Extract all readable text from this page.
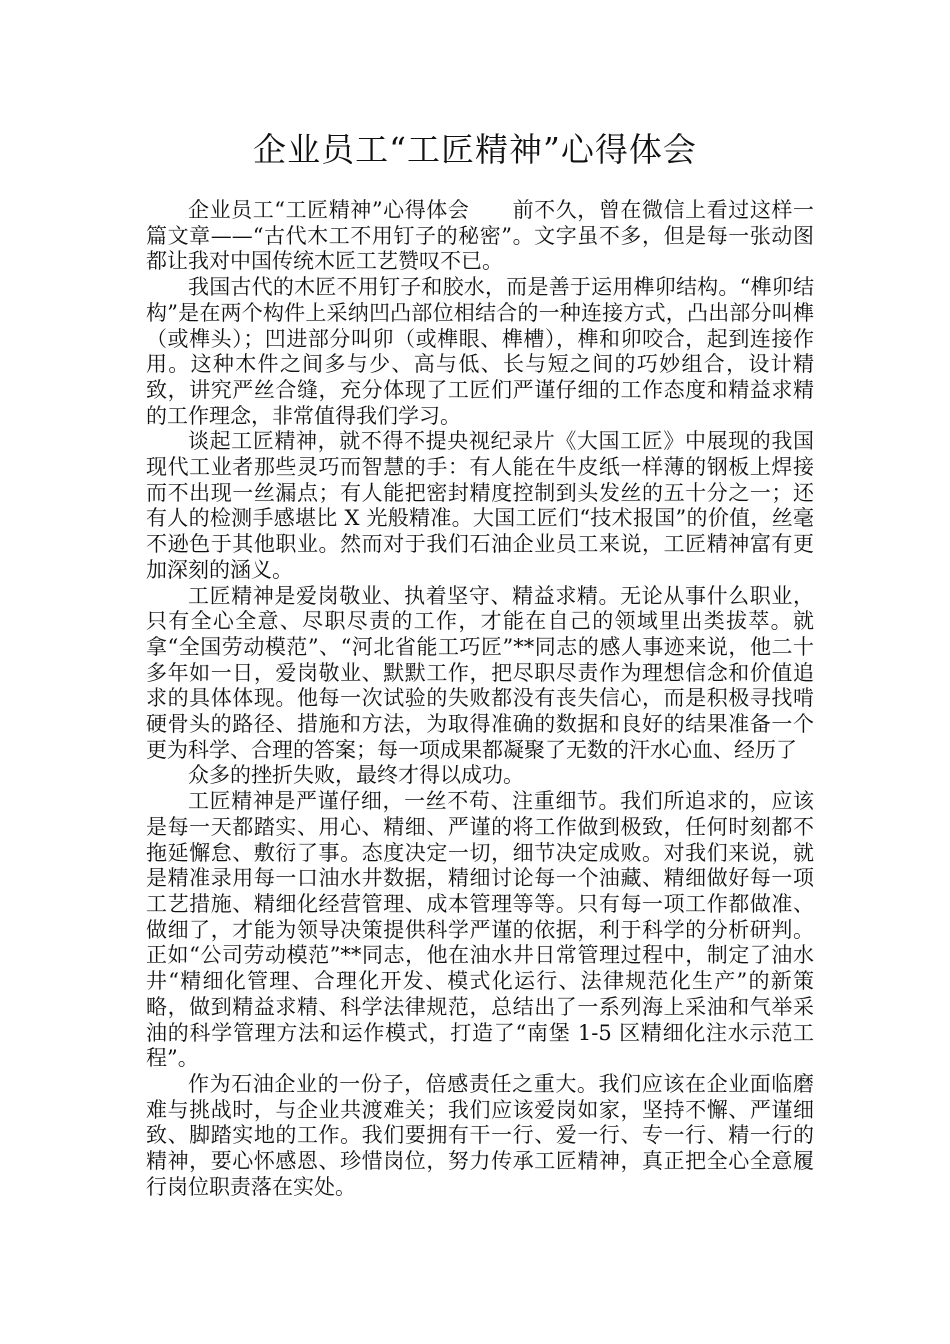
企业员工“工匠精神”心得体会

企业员工“工匠精神”心得体会　　前不久，曾在微信上看过这样一篇文章——“古代木工不用钉子的秘密”。文字虽不多，但是每一张动图都让我对中国传统木匠工艺赞叹不已。

我国古代的木匠不用钉子和胶水，而是善于运用榫卯结构。“榫卯结构”是在两个构件上采纳凹凸部位相结合的一种连接方式，凸出部分叫榫（或榫头）；凹进部分叫卯（或榫眼、榫槽），榫和卯咬合，起到连接作用。这种木件之间多与少、高与低、长与短之间的巧妙组合，设计精致，讲究严丝合缝，充分体现了工匠们严谨仔细的工作态度和精益求精的工作理念，非常值得我们学习。

谈起工匠精神，就不得不提央视纪录片《大国工匠》中展现的我国现代工业者那些灵巧而智慧的手：有人能在牛皮纸一样薄的钢板上焊接而不出现一丝漏点；有人能把密封精度控制到头发丝的五十分之一；还有人的检测手感堪比 X 光般精准。大国工匠们“技术报国”的价值，丝毫不逊色于其他职业。然而对于我们石油企业员工来说，工匠精神富有更加深刻的涵义。

工匠精神是爱岗敬业、执着坚守、精益求精。无论从事什么职业，只有全心全意、尽职尽责的工作，才能在自己的领域里出类拔萃。就拿“全国劳动模范”、“河北省能工巧匠”**同志的感人事迹来说，他二十多年如一日，爱岗敬业、默默工作，把尽职尽责作为理想信念和价值追求的具体体现。他每一次试验的失败都没有丧失信心，而是积极寻找啃硬骨头的路径、措施和方法，为取得准确的数据和良好的结果准备一个更为科学、合理的答案；每一项成果都凝聚了无数的汗水心血、经历了

众多的挫折失败，最终才得以成功。

工匠精神是严谨仔细，一丝不苟、注重细节。我们所追求的，应该是每一天都踏实、用心、精细、严谨的将工作做到极致，任何时刻都不拖延懈怠、敷衍了事。态度决定一切，细节决定成败。对我们来说，就是精准录用每一口油水井数据，精细讨论每一个油藏、精细做好每一项工艺措施、精细化经营管理、成本管理等等。只有每一项工作都做准、做细了，才能为领导决策提供科学严谨的依据，利于科学的分析研判。正如“公司劳动模范”**同志，他在油水井日常管理过程中，制定了油水井“精细化管理、合理化开发、模式化运行、法律规范化生产”的新策略，做到精益求精、科学法律规范，总结出了一系列海上采油和气举采油的科学管理方法和运作模式，打造了“南堡 1-5 区精细化注水示范工程”。

作为石油企业的一份子，倍感责任之重大。我们应该在企业面临磨难与挑战时，与企业共渡难关；我们应该爱岗如家，坚持不懈、严谨细致、脚踏实地的工作。我们要拥有干一行、爱一行、专一行、精一行的精神，要心怀感恩、珍惜岗位，努力传承工匠精神，真正把全心全意履行岗位职责落在实处。
